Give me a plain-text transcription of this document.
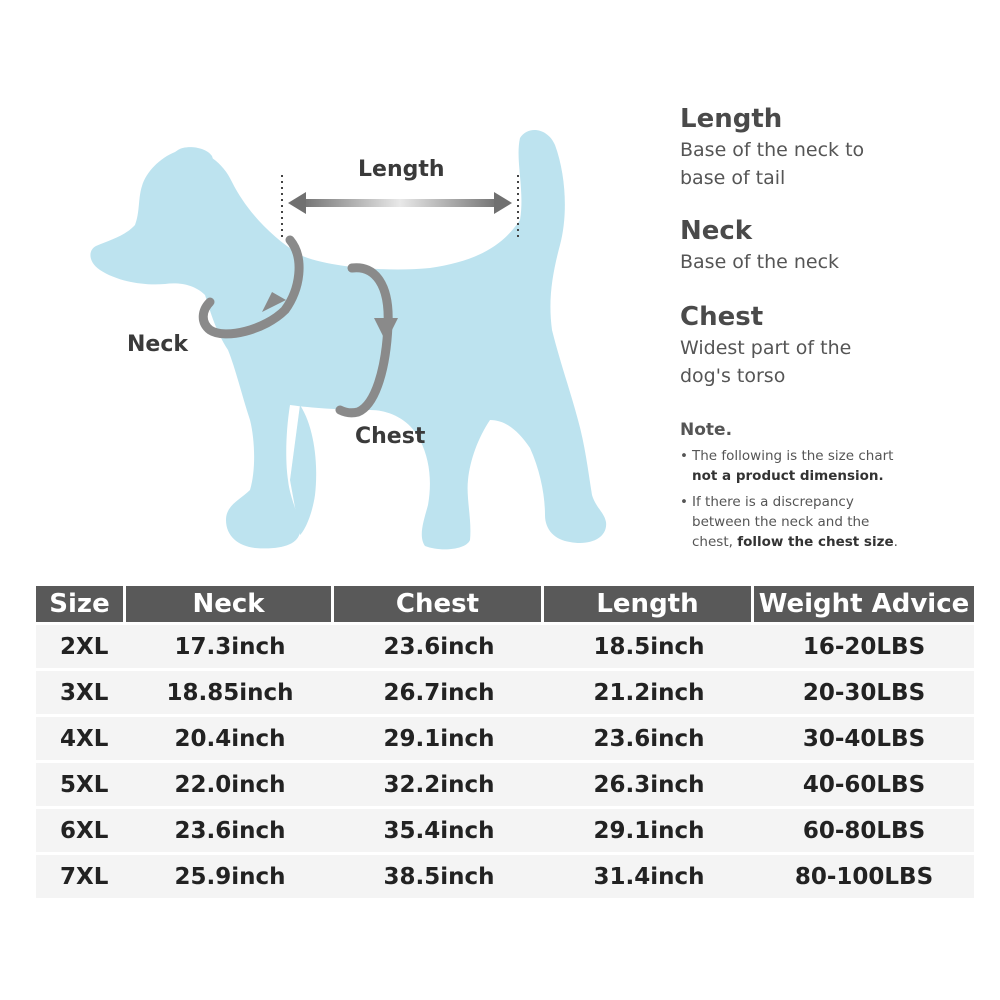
Length
Neck
Chest
Length

Base of the neck to

base of tail

Neck

Base of the neck

Chest

Widest part of the

dog's torso

Note.
• The following is the size chart
not a product dimension.
• If there is a discrepancy
between the neck and the
chest, follow the chest size.
Size	Neck	Chest	Length	Weight Advice
2XL	17.3inch	23.6inch	18.5inch	16-20LBS
3XL	18.85inch	26.7inch	21.2inch	20-30LBS
4XL	20.4inch	29.1inch	23.6inch	30-40LBS
5XL	22.0inch	32.2inch	26.3inch	40-60LBS
6XL	23.6inch	35.4inch	29.1inch	60-80LBS
7XL	25.9inch	38.5inch	31.4inch	80-100LBS
